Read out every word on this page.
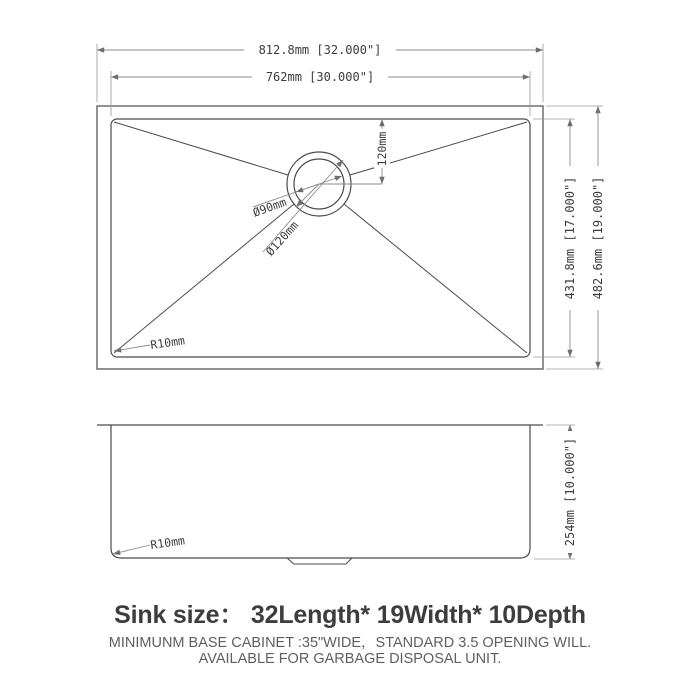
812.8mm [32.000"]
762mm [30.000"]
431.8mm [17.000"] 482.6mm [19.000"]
120mm
Ø90mm
Ø120mm
R10mm
R10mm	254mm [10.000"]
Sink size： 32Length* 19Width* 10Depth
MINIMUNM BASE CABINET :35"WIDE，STANDARD 3.5 OPENING WILL.
AVAILABLE FOR GARBAGE DISPOSAL UNIT.
